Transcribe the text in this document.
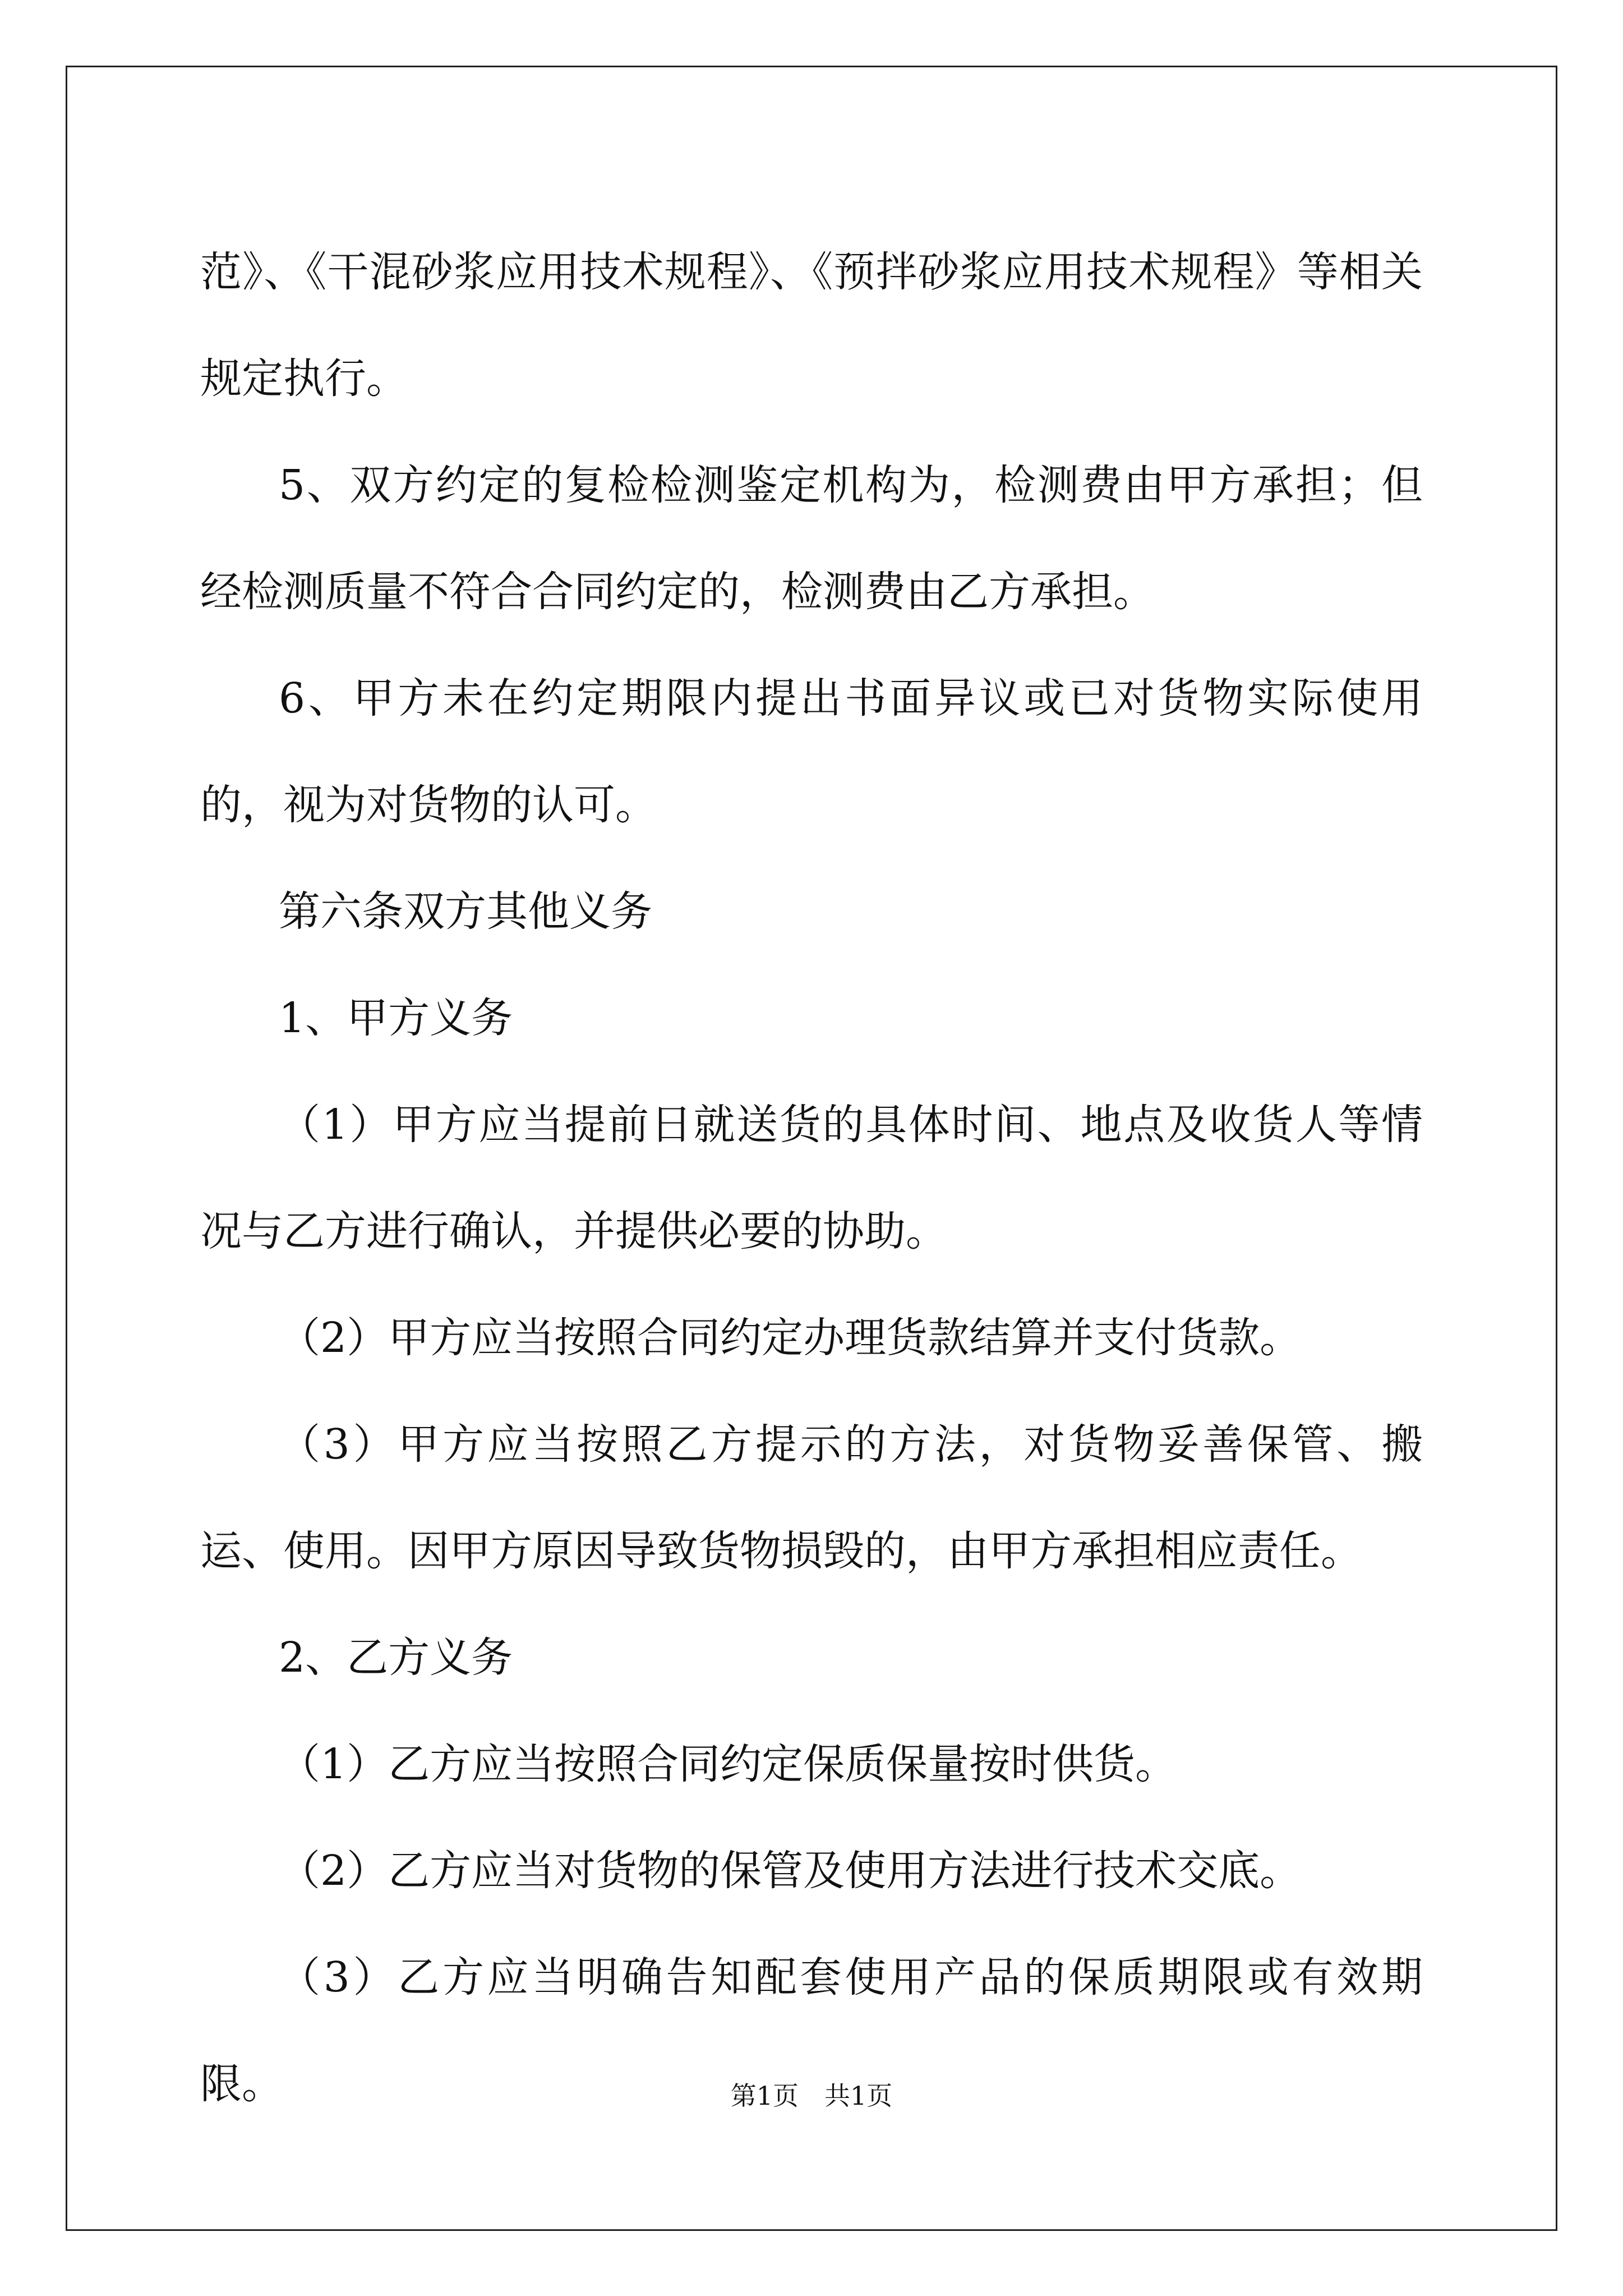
范》、《干混砂浆应用技术规程》、《预拌砂浆应用技术规程》等相关规定执行。

5、双方约定的复检检测鉴定机构为，检测费由甲方承担；但经检测质量不符合合同约定的，检测费由乙方承担。

6、甲方未在约定期限内提出书面异议或已对货物实际使用的，视为对货物的认可。

第六条双方其他义务

1、甲方义务

（1）甲方应当提前日就送货的具体时间、地点及收货人等情况与乙方进行确认，并提供必要的协助。

（2）甲方应当按照合同约定办理货款结算并支付货款。

（3）甲方应当按照乙方提示的方法，对货物妥善保管、搬运、使用。因甲方原因导致货物损毁的，由甲方承担相应责任。

2、乙方义务

（1）乙方应当按照合同约定保质保量按时供货。

（2）乙方应当对货物的保管及使用方法进行技术交底。

（3）乙方应当明确告知配套使用产品的保质期限或有效期限。	第1页　共1页
